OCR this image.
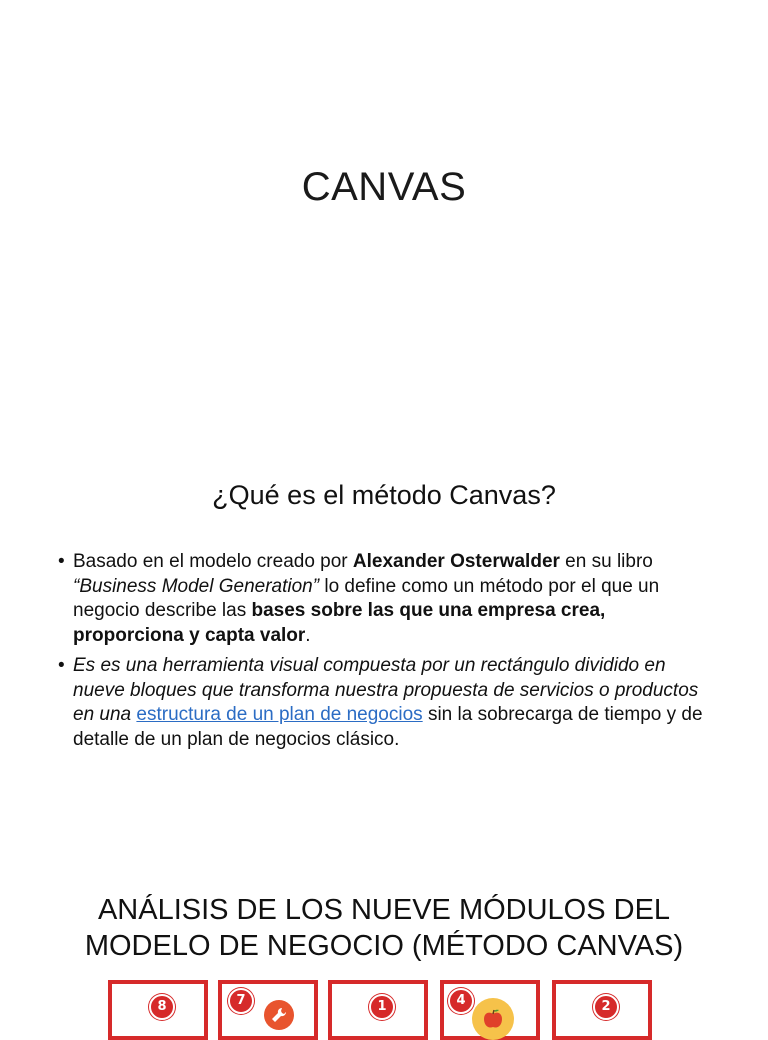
CANVAS
¿Qué es el método Canvas?
• Basado en el modelo creado por Alexander Osterwalder en su libro “Business Model Generation” lo define como un método por el que un negocio describe las bases sobre las que una empresa crea, proporciona y capta valor.
• Es es una herramienta visual compuesta por un rectángulo dividido en nueve bloques que transforma nuestra propuesta de servicios o productos en una estructura de un plan de negocios sin la sobrecarga de tiempo y de detalle de un plan de negocios clásico.
ANÁLISIS DE LOS NUEVE MÓDULOS DEL
MODELO DE NEGOCIO (MÉTODO CANVAS)
8	7	1	4	2
